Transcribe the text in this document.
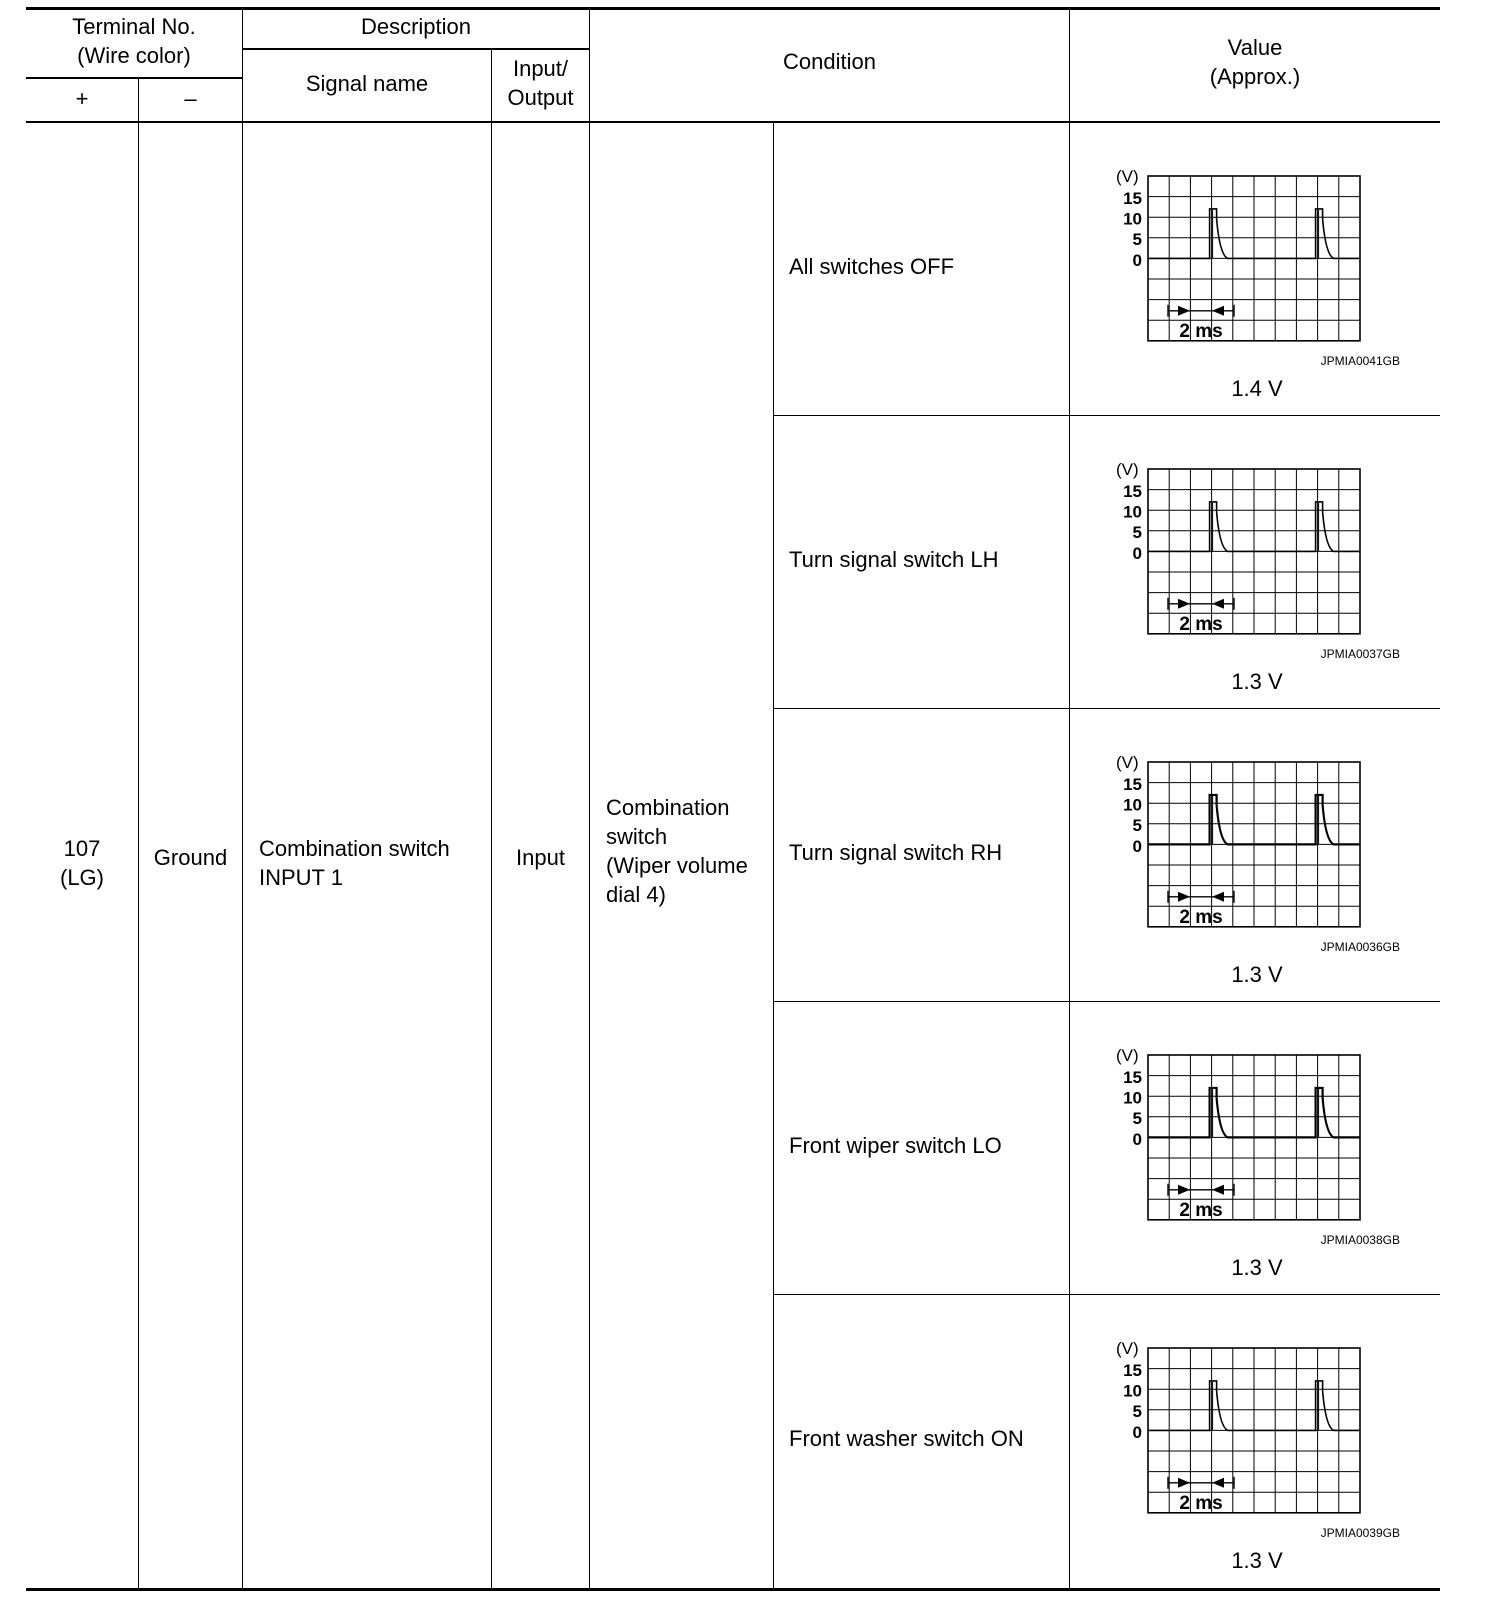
Terminal No.
(Wire color)
+	–
Description
Signal name
Input/
Output
Condition
Value
(Approx.)
107
(LG)
Ground	Combination switch
INPUT 1
Input
Combination
switch
(Wiper volume
dial 4)
All switches OFF
Turn signal switch LH
Turn signal switch RH
Front wiper switch LO
Front washer switch ON
(V)
15
10
5
0
2 ms
JPMIA0041GB
(V)
15
10
5
0
2 ms
JPMIA0037GB
(V)
15
10
5
0
2 ms
JPMIA0036GB
(V)
15
10
5
0
2 ms
JPMIA0038GB
(V)
15
10
5
0
2 ms
JPMIA0039GB
1.4 V
1.3 V
1.3 V
1.3 V
1.3 V
